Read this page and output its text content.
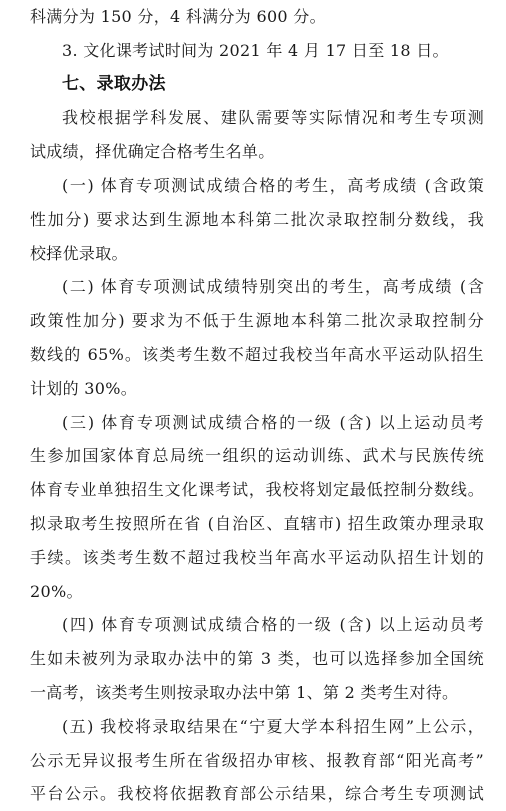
科满分为 150 分，4 科满分为 600 分。
3. 文化课考试时间为 2021 年 4 月 17 日至 18 日。
七、录取办法
我校根据学科发展、建队需要等实际情况和考生专项测
试成绩，择优确定合格考生名单。
(一) 体育专项测试成绩合格的考生，高考成绩 (含政策
性加分) 要求达到生源地本科第二批次录取控制分数线，我
校择优录取。
(二) 体育专项测试成绩特别突出的考生，高考成绩 (含
政策性加分) 要求为不低于生源地本科第二批次录取控制分
数线的 65%。该类考生数不超过我校当年高水平运动队招生
计划的 30%。
(三) 体育专项测试成绩合格的一级 (含) 以上运动员考
生参加国家体育总局统一组织的运动训练、武术与民族传统
体育专业单独招生文化课考试，我校将划定最低控制分数线。
拟录取考生按照所在省 (自治区、直辖市) 招生政策办理录取
手续。该类考生数不超过我校当年高水平运动队招生计划的
20%。
(四) 体育专项测试成绩合格的一级 (含) 以上运动员考
生如未被列为录取办法中的第 3 类，也可以选择参加全国统
一高考，该类考生则按录取办法中第 1、第 2 类考生对待。
(五) 我校将录取结果在“宁夏大学本科招生网”上公示，
公示无异议报考生所在省级招办审核、报教育部“阳光高考”
平台公示。我校将依据教育部公示结果，综合考生专项测试
